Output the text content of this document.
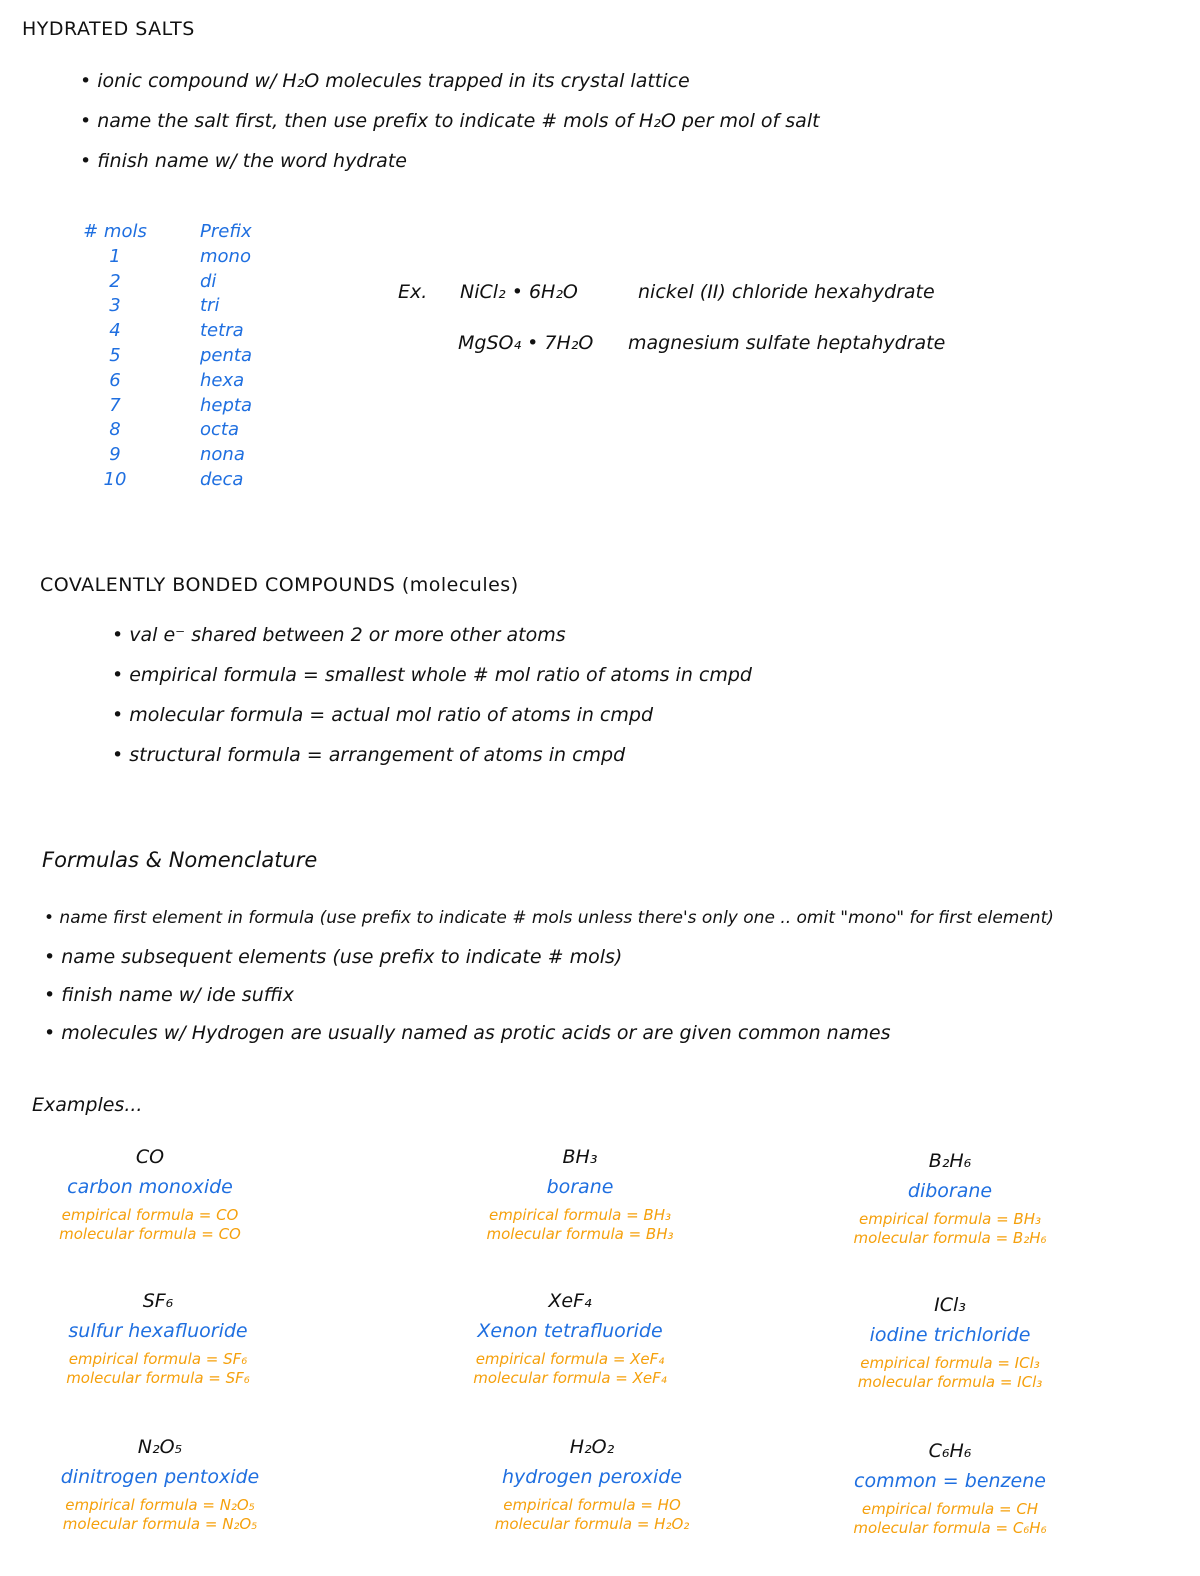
HYDRATED SALTS
• ionic compound w/ H₂O molecules trapped in its crystal lattice
• name the salt first, then use prefix to indicate # mols of H₂O per mol of salt
• finish name w/ the word hydrate
# mols
1
2
3
4
5
6
7
8
9
10
Prefix
mono
di
tri
tetra
penta
hexa
hepta
octa
nona
deca
Ex. NiCl₂ • 6H₂O	nickel (II) chloride hexahydrate
MgSO₄ • 7H₂O magnesium sulfate heptahydrate
COVALENTLY BONDED COMPOUNDS (molecules)
• val e⁻ shared between 2 or more other atoms
• empirical formula = smallest whole # mol ratio of atoms in cmpd
• molecular formula = actual mol ratio of atoms in cmpd
• structural formula = arrangement of atoms in cmpd
Formulas & Nomenclature
• name first element in formula (use prefix to indicate # mols unless there's only one .. omit "mono" for first element)
• name subsequent elements (use prefix to indicate # mols)
• finish name w/ ide suffix
• molecules w/ Hydrogen are usually named as protic acids or are given common names
Examples...
CO
carbon monoxide
empirical formula = CO
molecular formula = CO
BH₃
borane
empirical formula = BH₃
molecular formula = BH₃
B₂H₆
diborane
empirical formula = BH₃
molecular formula = B₂H₆
SF₆
sulfur hexafluoride
empirical formula = SF₆
molecular formula = SF₆
XeF₄
Xenon tetrafluoride
empirical formula = XeF₄
molecular formula = XeF₄
ICl₃
iodine trichloride
empirical formula = ICl₃
molecular formula = ICl₃
N₂O₅
dinitrogen pentoxide
empirical formula = N₂O₅
molecular formula = N₂O₅
H₂O₂
hydrogen peroxide
empirical formula = HO
molecular formula = H₂O₂
C₆H₆
common = benzene
empirical formula = CH
molecular formula = C₆H₆
